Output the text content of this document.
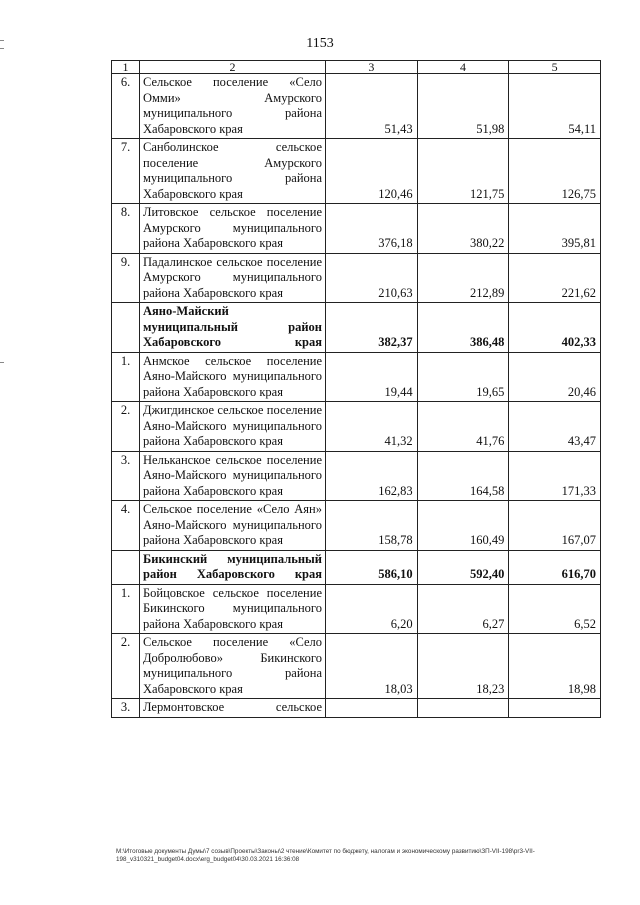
1153
1	2	3	4	5
6.	Сельское поселение «Село Омми» Амурского муниципального района Хабаровского края	51,43	51,98	54,11
7.	Санболинское сельское поселение Амурского муниципального района Хабаровского края	120,46	121,75	126,75
8.	Литовское сельское поселение Амурского муниципального района Хабаровского края	376,18	380,22	395,81
9.	Падалинское сельское поселение Амурского муниципального района Хабаровского края	210,63	212,89	221,62
	Аяно-Майский муниципальный район Хабаровского края	382,37	386,48	402,33
1.	Анмское сельское поселение Аяно-Майского муниципального района Хабаровского края	19,44	19,65	20,46
2.	Джигдинское сельское поселение Аяно-Майского муниципального района Хабаровского края	41,32	41,76	43,47
3.	Нельканское сельское поселение Аяно-Майского муниципального района Хабаровского края	162,83	164,58	171,33
4.	Сельское поселение «Село Аян» Аяно-Майского муниципального района Хабаровского края	158,78	160,49	167,07
	Бикинский муниципальный район Хабаровского края	586,10	592,40	616,70
1.	Бойцовское сельское поселение Бикинского муниципального района Хабаровского края	6,20	6,27	6,52
2.	Сельское поселение «Село Добролюбово» Бикинского муниципального района Хабаровского края	18,03	18,23	18,98
3.	Лермонтовское сельское			
M:\Итоговые документы Думы\7 созыв\Проекты\Законы\2 чтение\Комитет по бюджету, налогам и экономическому развитию\ЗП-VII-198\pr3-VII-198_v310321_budget04.docx\erg_budget04\30.03.2021 16:36:08
